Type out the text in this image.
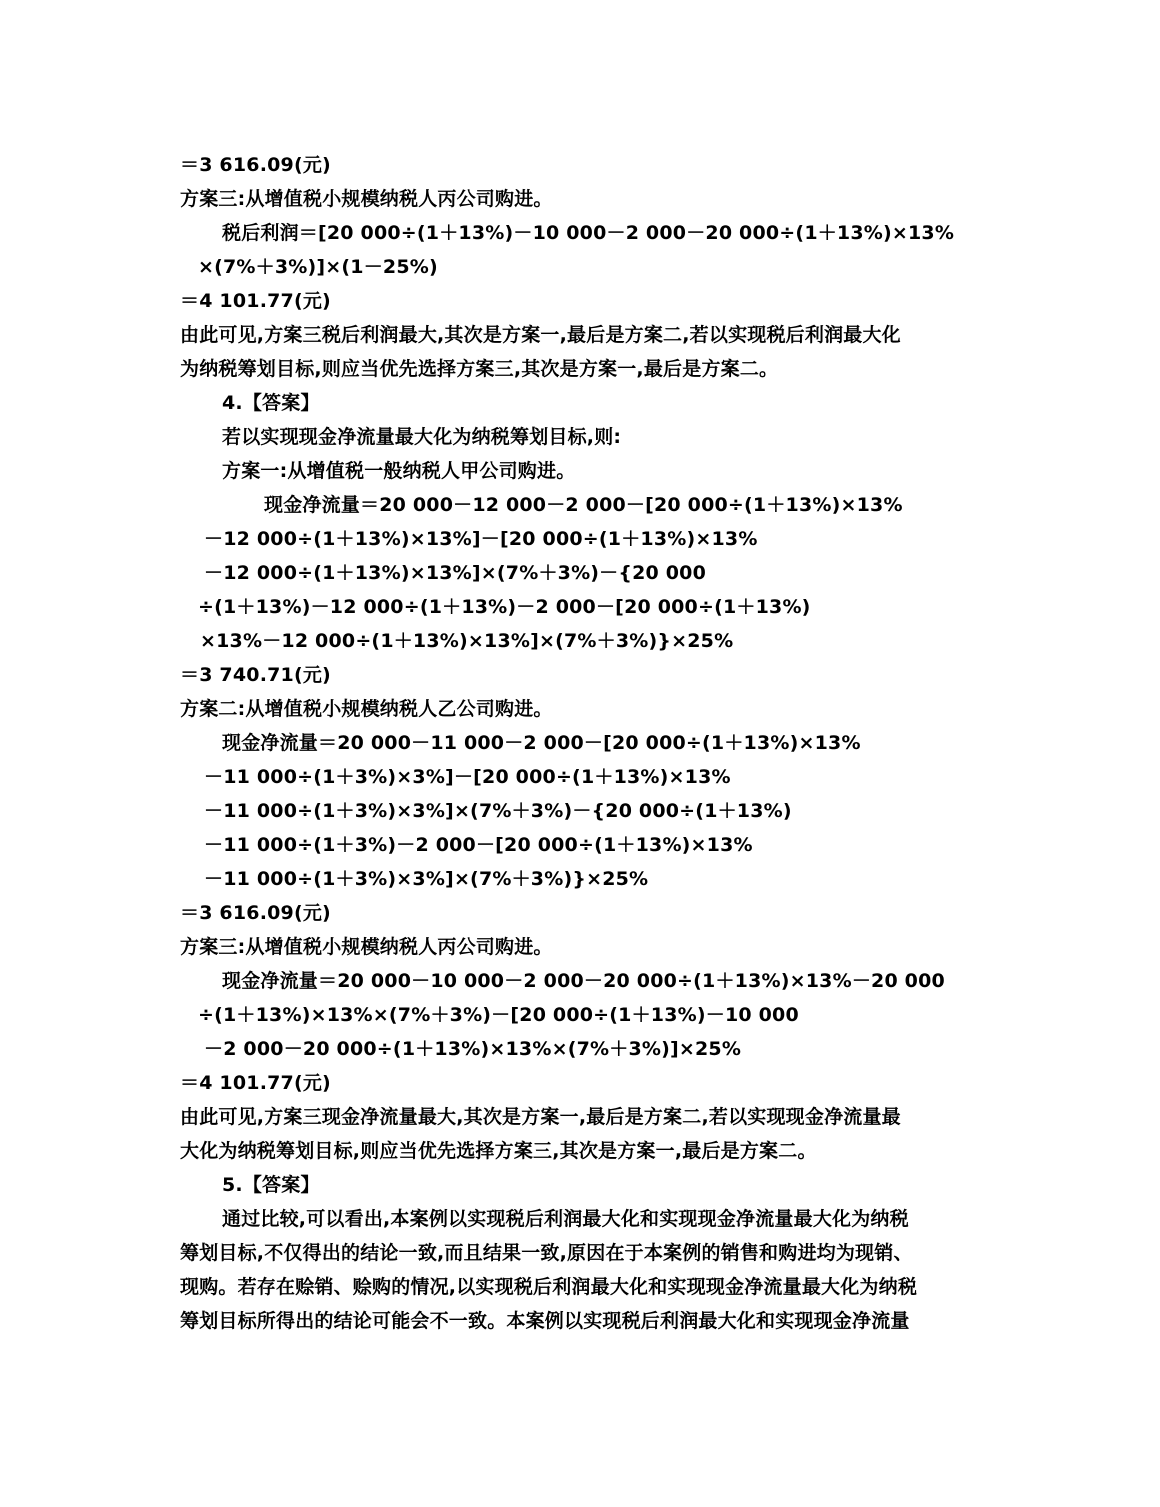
＝3 616.09(元)
方案三:从增值税小规模纳税人丙公司购进。
税后利润＝[20 000÷(1＋13%)－10 000－2 000－20 000÷(1＋13%)×13%
×(7%＋3%)]×(1－25%)
＝4 101.77(元)
由此可见,方案三税后利润最大,其次是方案一,最后是方案二,若以实现税后利润最大化
为纳税筹划目标,则应当优先选择方案三,其次是方案一,最后是方案二。
4.【答案】
若以实现现金净流量最大化为纳税筹划目标,则:
方案一:从增值税一般纳税人甲公司购进。
现金净流量＝20 000－12 000－2 000－[20 000÷(1＋13%)×13%
－12 000÷(1＋13%)×13%]－[20 000÷(1＋13%)×13%
－12 000÷(1＋13%)×13%]×(7%＋3%)－{20 000
÷(1＋13%)－12 000÷(1＋13%)－2 000－[20 000÷(1＋13%)
×13%－12 000÷(1＋13%)×13%]×(7%＋3%)}×25%
＝3 740.71(元)
方案二:从增值税小规模纳税人乙公司购进。
现金净流量＝20 000－11 000－2 000－[20 000÷(1＋13%)×13%
－11 000÷(1＋3%)×3%]－[20 000÷(1＋13%)×13%
－11 000÷(1＋3%)×3%]×(7%＋3%)－{20 000÷(1＋13%)
－11 000÷(1＋3%)－2 000－[20 000÷(1＋13%)×13%
－11 000÷(1＋3%)×3%]×(7%＋3%)}×25%
＝3 616.09(元)
方案三:从增值税小规模纳税人丙公司购进。
现金净流量＝20 000－10 000－2 000－20 000÷(1＋13%)×13%－20 000
÷(1＋13%)×13%×(7%＋3%)－[20 000÷(1＋13%)－10 000
－2 000－20 000÷(1＋13%)×13%×(7%＋3%)]×25%
＝4 101.77(元)
由此可见,方案三现金净流量最大,其次是方案一,最后是方案二,若以实现现金净流量最
大化为纳税筹划目标,则应当优先选择方案三,其次是方案一,最后是方案二。
5.【答案】
通过比较,可以看出,本案例以实现税后利润最大化和实现现金净流量最大化为纳税
筹划目标,不仅得出的结论一致,而且结果一致,原因在于本案例的销售和购进均为现销、
现购。若存在赊销、赊购的情况,以实现税后利润最大化和实现现金净流量最大化为纳税
筹划目标所得出的结论可能会不一致。本案例以实现税后利润最大化和实现现金净流量
